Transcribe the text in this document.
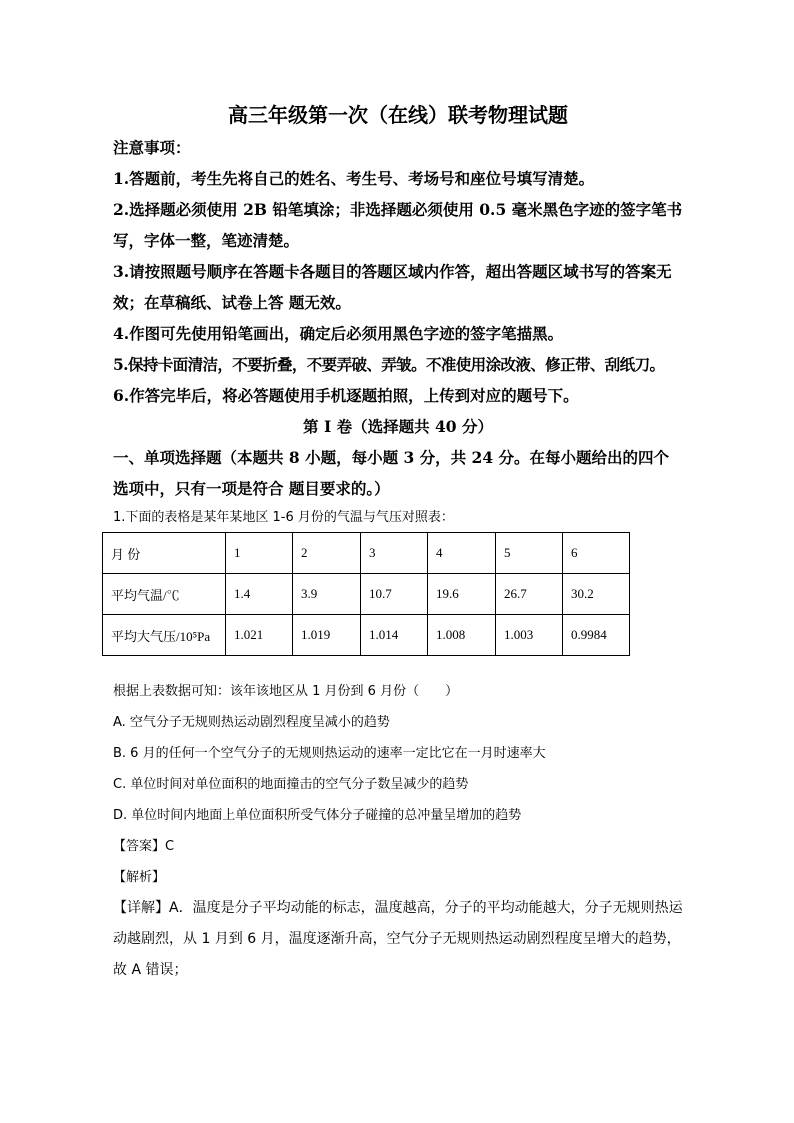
高三年级第一次（在线）联考物理试题

注意事项：

1.答题前，考生先将自己的姓名、考生号、考场号和座位号填写清楚。

2.选择题必须使用 2B 铅笔填涂；非选择题必须使用 0.5 毫米黑色字迹的签字笔书写，字体一整，笔迹清楚。

3.请按照题号顺序在答题卡各题目的答题区域内作答，超出答题区域书写的答案无效；在草稿纸、试卷上答 题无效。

4.作图可先使用铅笔画出，确定后必须用黑色字迹的签字笔描黑。

5.保持卡面清洁，不要折叠，不要弄破、弄皱。不准使用涂改液、修正带、刮纸刀。

6.作答完毕后，将必答题使用手机逐题拍照，上传到对应的题号下。

第 I 卷（选择题共 40 分）

一、单项选择题（本题共 8 小题，每小题 3 分，共 24 分。在每小题给出的四个选项中，只有一项是符合 题目要求的。）

1.下面的表格是某年某地区 1-6 月份的气温与气压对照表：

月 份	1	2	3	4	5	6
平均气温/℃	1.4	3.9	10.7	19.6	26.7	30.2
平均大气压/10⁵Pa	1.021	1.019	1.014	1.008	1.003	0.9984

根据上表数据可知：该年该地区从 1 月份到 6 月份（　　）

A. 空气分子无规则热运动剧烈程度呈减小的趋势

B. 6 月的任何一个空气分子的无规则热运动的速率一定比它在一月时速率大

C. 单位时间对单位面积的地面撞击的空气分子数呈减少的趋势

D. 单位时间内地面上单位面积所受气体分子碰撞的总冲量呈增加的趋势

【答案】C

【解析】

【详解】A．温度是分子平均动能的标志，温度越高，分子的平均动能越大，分子无规则热运动越剧烈，从 1 月到 6 月，温度逐渐升高，空气分子无规则热运动剧烈程度呈增大的趋势，故 A 错误；
